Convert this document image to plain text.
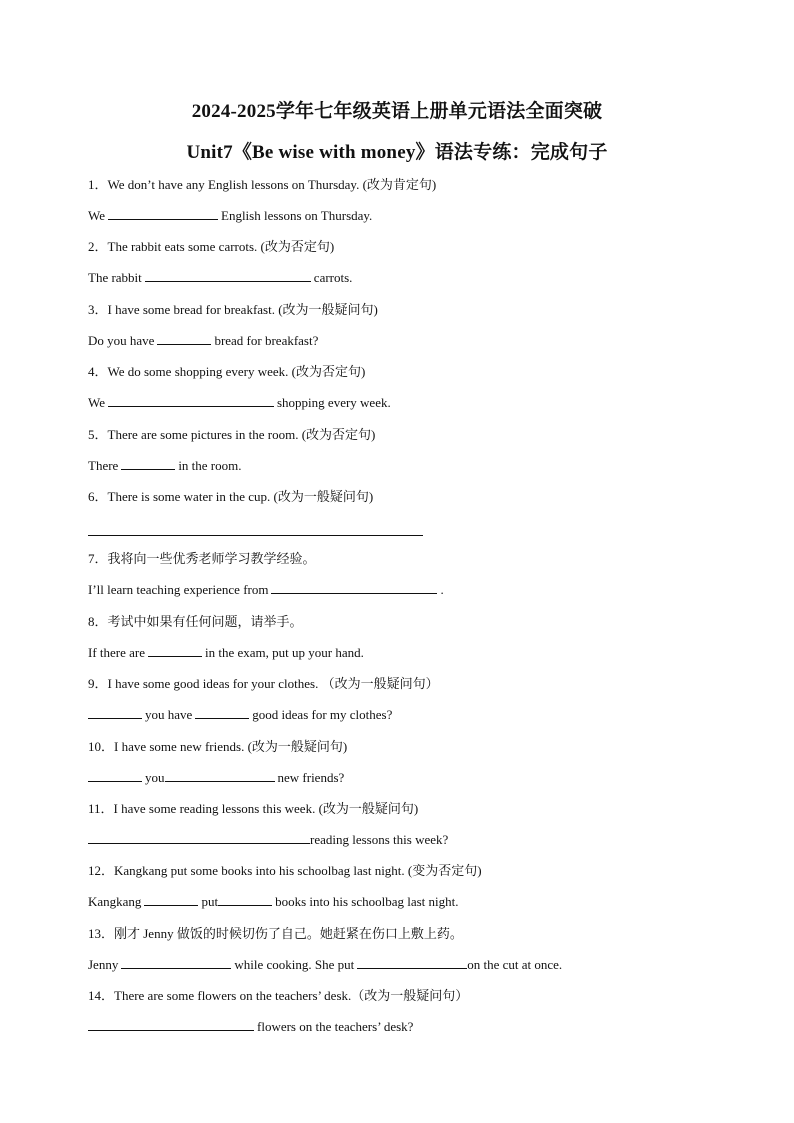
2024-2025学年七年级英语上册单元语法全面突破
Unit7《Be wise with money》语法专练：完成句子
1．We don’t have any English lessons on Thursday. (改为肯定句)
We	English lessons on Thursday.
2．The rabbit eats some carrots. (改为否定句)
The rabbit	carrots.
3．I have some bread for breakfast. (改为一般疑问句)
Do you have	bread for breakfast?
4．We do some shopping every week. (改为否定句)
We	shopping every week.
5．There are some pictures in the room. (改为否定句)
There	in the room.
6．There is some water in the cup. (改为一般疑问句)
7．我将向一些优秀老师学习教学经验。
I’ll learn teaching experience from	.
8．考试中如果有任何问题，请举手。
If there are	in the exam, put up your hand.
9．I have some good ideas for your clothes. （改为一般疑问句）
you have	good ideas for my clothes?
10．I have some new friends. (改为一般疑问句)
you	new friends?
11．I have some reading lessons this week. (改为一般疑问句)
reading lessons this week?
12．Kangkang put some books into his schoolbag last night. (变为否定句)
Kangkang	put	books into his schoolbag last night.
13．刚才 Jenny 做饭的时候切伤了自己。她赶紧在伤口上敷上药。
Jenny	while cooking. She put	on the cut at once.
14．There are some flowers on the teachers’ desk.（改为一般疑问句）
flowers on the teachers’ desk?
